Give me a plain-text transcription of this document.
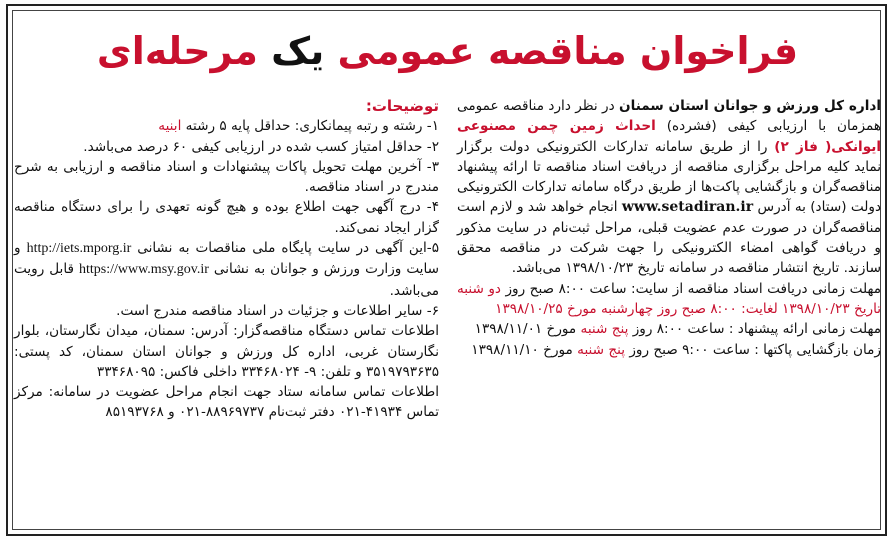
فراخوان مناقصه عمومی یک مرحله‌ای

اداره کل ورزش و جوانان استان سمنان در نظر دارد مناقصه عمومی همزمان با ارزیابی کیفی (فشرده) احداث زمین چمن مصنوعی ایوانکی( فاز ۲) را از طریق سامانه تدارکات الکترونیکی دولت برگزار نماید کلیه مراحل برگزاری مناقصه از دریافت اسناد مناقصه تا ارائه پیشنهاد مناقصه‌گران و بازگشایی پاکت‌ها از طریق درگاه سامانه تدارکات الکترونیکی دولت (ستاد) به آدرس www.setadiran.ir انجام خواهد شد و لازم است مناقصه‌گران در صورت عدم عضویت قبلی، مراحل ثبت‌نام در سایت مذکور و دریافت گواهی امضاء الکترونیکی را جهت شرکت در مناقصه محقق سازند. تاریخ انتشار مناقصه در سامانه تاریخ ۱۳۹۸/۱۰/۲۳ می‌باشد.

مهلت زمانی دریافت اسناد مناقصه از سایت: ساعت ۸:۰۰ صبح روز دو شنبه تاریخ ۱۳۹۸/۱۰/۲۳ لغایت: ۸:۰۰ صبح روز چهارشنبه مورخ ۱۳۹۸/۱۰/۲۵

مهلت زمانی ارائه پیشنهاد : ساعت ۸:۰۰ روز پنج شنبه مورخ ۱۳۹۸/۱۱/۰۱

زمان بازگشایی پاکتها : ساعت ۹:۰۰ صبح روز پنج شنبه مورخ ۱۳۹۸/۱۱/۱۰

توضیحات:

۱- رشته و رتبه پیمانکاری: حداقل پایه ۵ رشته ابنیه

۲- حداقل امتیاز کسب شده در ارزیابی کیفی ۶۰ درصد می‌باشد.

۳- آخرین مهلت تحویل پاکات پیشنهادات و اسناد مناقصه و ارزیابی به شرح مندرج در اسناد مناقصه.

۴- درج آگهی جهت اطلاع بوده و هیچ گونه تعهدی را برای دستگاه مناقصه گزار ایجاد نمی‌کند.

۵-این آگهی در سایت پایگاه ملی مناقصات به نشانی http://iets.mporg.ir و سایت وزارت ورزش و جوانان به نشانی https://www.msy.gov.ir قابل رویت می‌باشد.

۶- سایر اطلاعات و جزئیات در اسناد مناقصه مندرج است.

اطلاعات تماس دستگاه مناقصه‌گزار: آدرس: سمنان، میدان نگارستان، بلوار نگارستان غربی، اداره کل ورزش و جوانان استان سمنان، کد پستی: ۳۵۱۹۷۹۳۶۳۵ و تلفن: ۹- ۳۳۴۶۸۰۲۴ داخلی فاکس: ۳۳۴۶۸۰۹۵

اطلاعات تماس سامانه ستاد جهت انجام مراحل عضویت در سامانه: مرکز تماس ۴۱۹۳۴-۰۲۱ دفتر ثبت‌نام ۸۸۹۶۹۷۳۷-۰۲۱ و ۸۵۱۹۳۷۶۸
